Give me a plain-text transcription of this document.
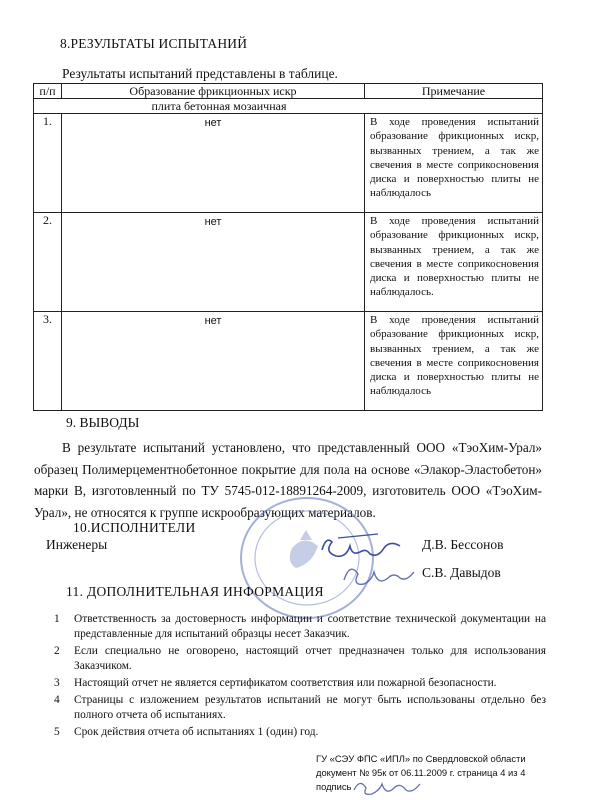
8.РЕЗУЛЬТАТЫ ИСПЫТАНИЙ
Результаты испытаний представлены в таблице.
п/п	Образование фрикционных искр	Примечание
	плита бетонная мозаичная	
1.	нет	В ходе проведения испытаний образование фрикционных искр, вызванных трением, а так же свечения в месте соприкосновения диска и поверхностью плиты не наблюдалось
2.	нет	В ходе проведения испытаний образование фрикционных искр, вызванных трением, а так же свечения в месте соприкосновения диска и поверхностью плиты не наблюдалось.
3.	нет	В ходе проведения испытаний образование фрикционных искр, вызванных трением, а так же свечения в месте соприкосновения диска и поверхностью плиты не наблюдалось
9. ВЫВОДЫ
В результате испытаний установлено, что представленный ООО «ТэоХим-Урал» образец Полимерцементнобетонное покрытие для пола на основе «Элакор-Эластобетон» марки В, изготовленный по ТУ 5745-012-18891264-2009, изготовитель ООО «ТэоХим-Урал», не относятся к группе искрообразующих материалов.
10.ИСПОЛНИТЕЛИ
Инженеры	Д.В. Бессонов
С.В. Давыдов
11. ДОПОЛНИТЕЛЬНАЯ ИНФОРМАЦИЯ
1 Ответственность за достоверность информации и соответствие технической документации на представленные для испытаний образцы несет Заказчик.
2 Если специально не оговорено, настоящий отчет предназначен только для использования Заказчиком.
3 Настоящий отчет не является сертификатом соответствия или пожарной безопасности.
4 Страницы с изложением результатов испытаний не могут быть использованы отдельно без полного отчета об испытаниях.
5 Срок действия отчета об испытаниях 1 (один) год.
ГУ «СЭУ ФПС «ИПЛ» по Свердловской области
документ № 95к от 06.11.2009 г. страница 4 из 4
подпись
